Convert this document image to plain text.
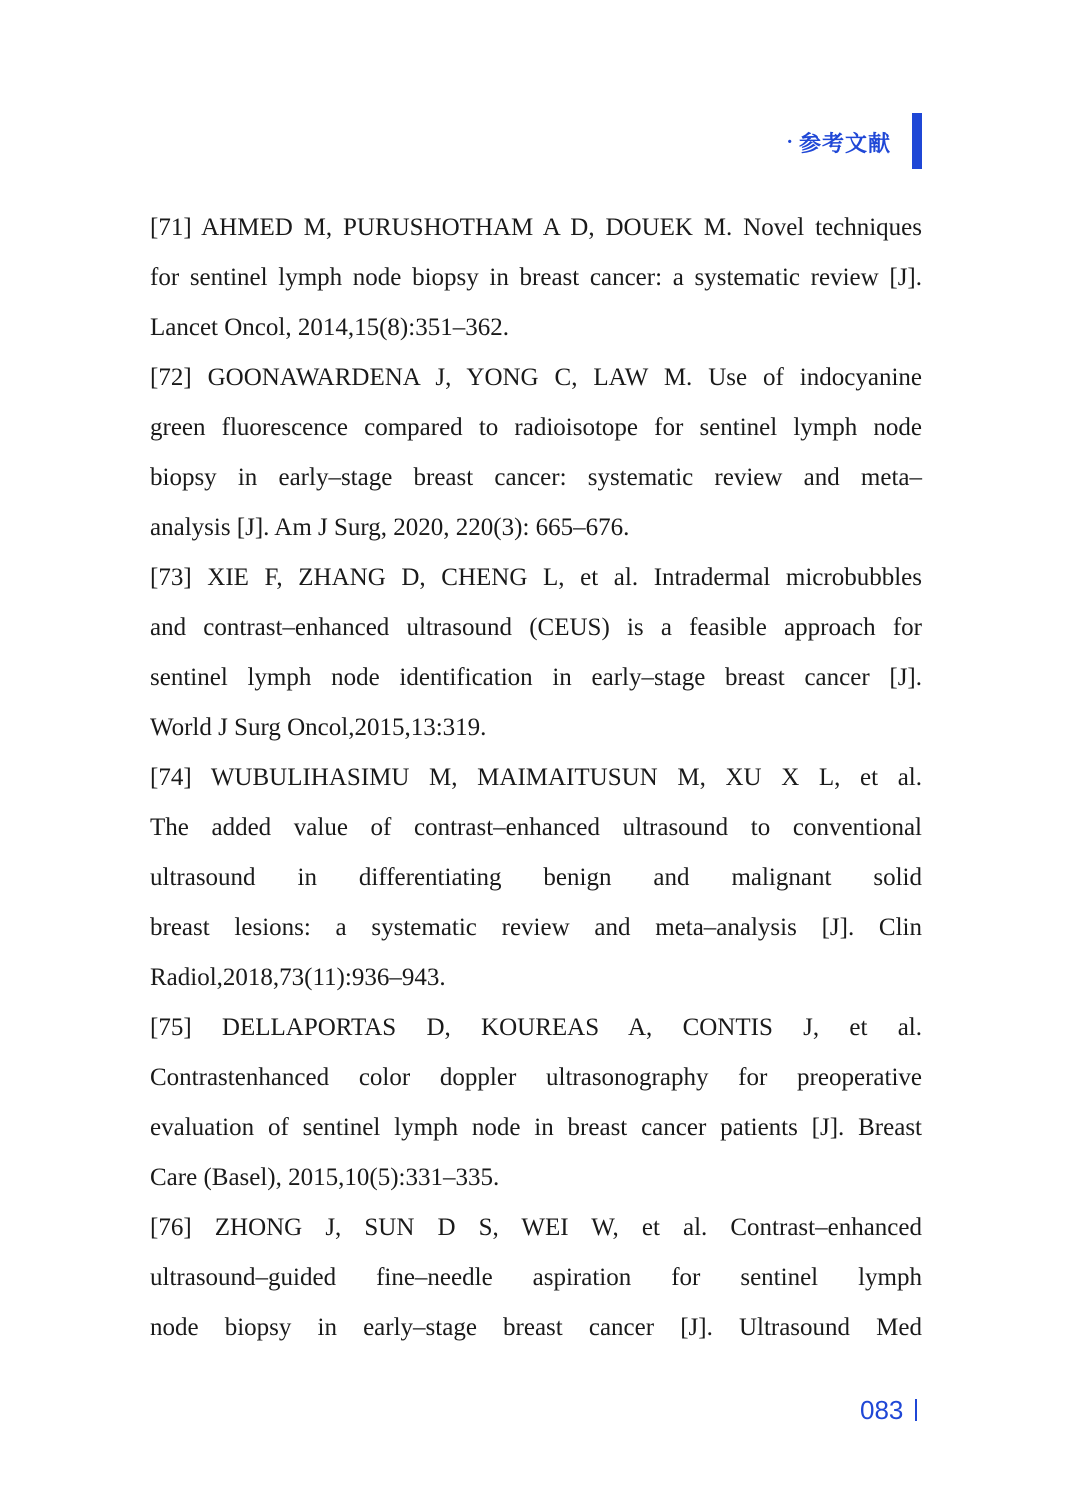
· 参考文献
[71] AHMED M, PURUSHOTHAM A D, DOUEK M. Novel techniques
for sentinel lymph node biopsy in breast cancer: a systematic review [J].
Lancet Oncol, 2014,15(8):351–362.
[72] GOONAWARDENA J, YONG C, LAW M. Use of indocyanine
green fluorescence compared to radioisotope for sentinel lymph node
biopsy in early–stage breast cancer: systematic review and meta–
analysis [J]. Am J Surg, 2020, 220(3): 665–676.
[73] XIE F, ZHANG D, CHENG L, et al. Intradermal microbubbles
and contrast–enhanced ultrasound (CEUS) is a feasible approach for
sentinel lymph node identification in early–stage breast cancer [J].
World J Surg Oncol,2015,13:319.
[74] WUBULIHASIMU M, MAIMAITUSUN M, XU X L, et al.
The added value of contrast–enhanced ultrasound to conventional
ultrasound in differentiating benign and malignant solid
breast lesions: a systematic review and meta–analysis [J]. Clin
Radiol,2018,73(11):936–943.
[75] DELLAPORTAS D, KOUREAS A, CONTIS J, et al.
Contrastenhanced color doppler ultrasonography for preoperative
evaluation of sentinel lymph node in breast cancer patients [J]. Breast
Care (Basel), 2015,10(5):331–335.
[76] ZHONG J, SUN D S, WEI W, et al. Contrast–enhanced
ultrasound–guided fine–needle aspiration for sentinel lymph
node biopsy in early–stage breast cancer [J]. Ultrasound Med
083
